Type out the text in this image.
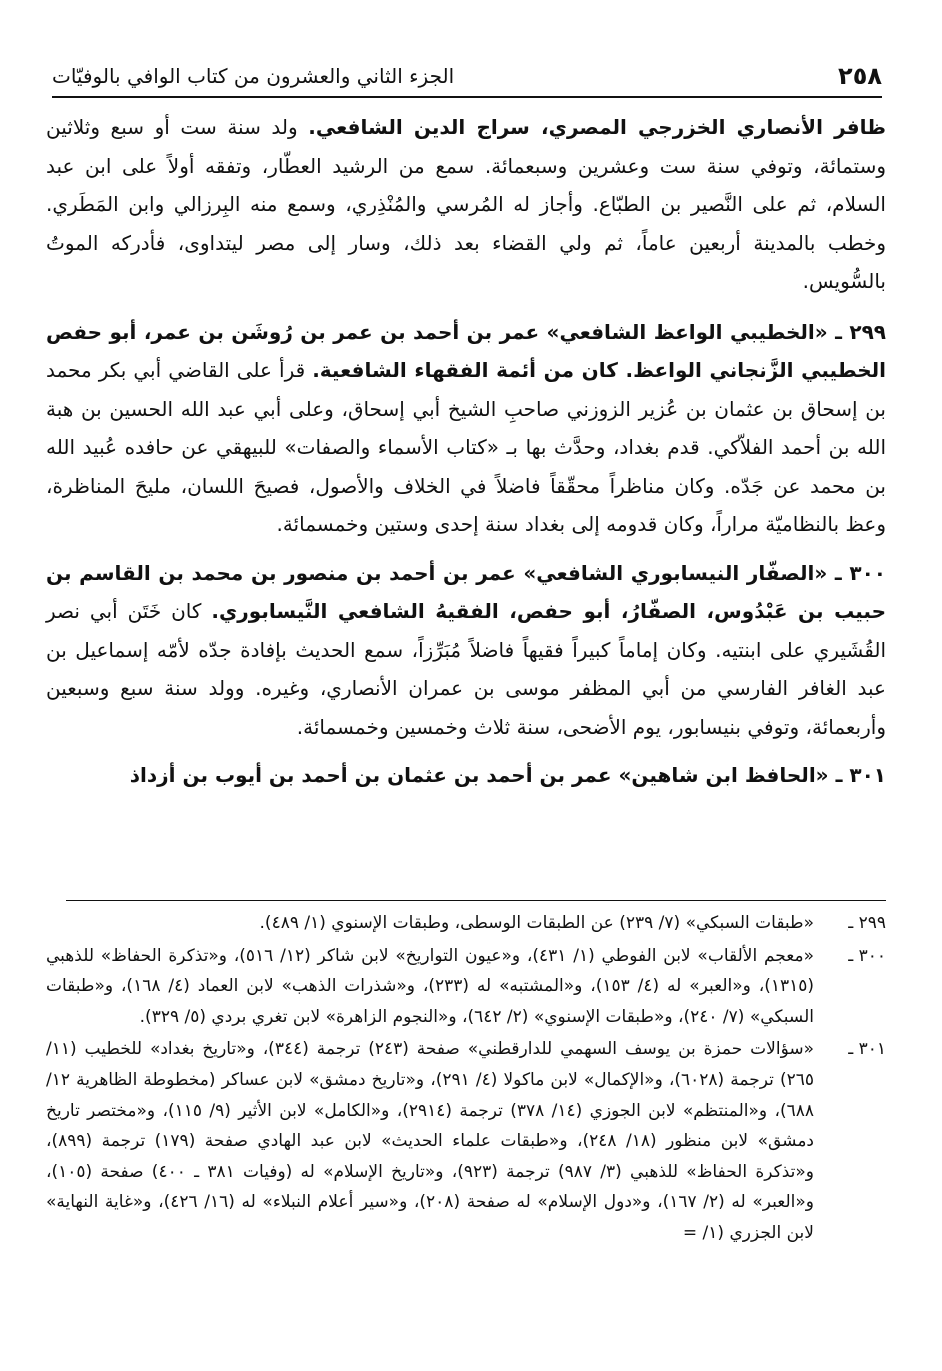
٢٥٨
الجزء الثاني والعشرون من كتاب الوافي بالوفيّات

ظافر الأنصاري الخزرجي المصري، سراج الدين الشافعي. ولد سنة ست أو سبع وثلاثين وستمائة، وتوفي سنة ست وعشرين وسبعمائة. سمع من الرشيد العطّار، وتفقه أولاً على ابن عبد السلام، ثم على النَّصير بن الطبّاع. وأجاز له المُرسي والمُنْذِري، وسمع منه البِرزالي وابن المَطَري. وخطب بالمدينة أربعين عاماً، ثم ولي القضاء بعد ذلك، وسار إلى مصر ليتداوى، فأدركه الموتُ بالسُّويس.

٢٩٩ ـ «الخطيبي الواعظ الشافعي» عمر بن أحمد بن عمر بن رُوشَن بن عمر، أبو حفص الخطيبي الزَّنجاني الواعظ. كان من أئمة الفقهاء الشافعية. قرأ على القاضي أبي بكر محمد بن إسحاق بن عثمان بن عُزير الزوزني صاحبِ الشيخ أبي إسحاق، وعلى أبي عبد الله الحسين بن هبة الله بن أحمد الفلاّكي. قدم بغداد، وحدَّث بها بـ «كتاب الأسماء والصفات» للبيهقي عن حافده عُبيد الله بن محمد عن جَدّه. وكان مناظراً محقّقاً فاضلاً في الخلاف والأصول، فصيحَ اللسان، مليحَ المناظرة، وعظ بالنظاميّة مراراً، وكان قدومه إلى بغداد سنة إحدى وستين وخمسمائة.

٣٠٠ ـ «الصفّار النيسابوري الشافعي» عمر بن أحمد بن منصور بن محمد بن القاسم بن حبيب بن عَبْدُوس، الصفّارُ، أبو حفص، الفقيهُ الشافعي النَّيسابوري. كان خَتَن أبي نصر القُشَيري على ابنتيه. وكان إماماً كبيراً فقيهاً فاضلاً مُبَرِّزاً، سمع الحديث بإفادة جدّه لأمّه إسماعيل بن عبد الغافر الفارسي من أبي المظفر موسى بن عمران الأنصاري، وغيره. وولد سنة سبع وسبعين وأربعمائة، وتوفي بنيسابور، يوم الأضحى، سنة ثلاث وخمسين وخمسمائة.

٣٠١ ـ «الحافظ ابن شاهين» عمر بن أحمد بن عثمان بن أحمد بن أيوب بن أزداذ

٢٩٩ ـ
«طبقات السبكي» (٧/ ٢٣٩) عن الطبقات الوسطى، وطبقات الإسنوي (١/ ٤٨٩).
٣٠٠ ـ
«معجم الألقاب» لابن الفوطي (١/ ٤٣١)، و«عيون التواريخ» لابن شاكر (١٢/ ٥١٦)، و«تذكرة الحفاظ» للذهبي (١٣١٥)، و«العبر» له (٤/ ١٥٣)، و«المشتبه» له (٢٣٣)، و«شذرات الذهب» لابن العماد (٤/ ١٦٨)، و«طبقات السبكي» (٧/ ٢٤٠)، و«طبقات الإسنوي» (٢/ ٦٤٢)، و«النجوم الزاهرة» لابن تغري بردي (٥/ ٣٢٩).
٣٠١ ـ
«سؤالات حمزة بن يوسف السهمي للدارقطني» صفحة (٢٤٣) ترجمة (٣٤٤)، و«تاريخ بغداد» للخطيب (١١/ ٢٦٥) ترجمة (٦٠٢٨)، و«الإكمال» لابن ماكولا (٤/ ٢٩١)، و«تاريخ دمشق» لابن عساكر (مخطوطة الظاهرية ١٢/ ٦٨٨)، و«المنتظم» لابن الجوزي (١٤/ ٣٧٨) ترجمة (٢٩١٤)، و«الكامل» لابن الأثير (٩/ ١١٥)، و«مختصر تاريخ دمشق» لابن منظور (١٨/ ٢٤٨)، و«طبقات علماء الحديث» لابن عبد الهادي صفحة (١٧٩) ترجمة (٨٩٩)، و«تذكرة الحفاظ» للذهبي (٣/ ٩٨٧) ترجمة (٩٢٣)، و«تاريخ الإسلام» له (وفيات ٣٨١ ـ ٤٠٠) صفحة (١٠٥)، و«العبر» له (٢/ ١٦٧)، و«دول الإسلام» له صفحة (٢٠٨)، و«سير أعلام النبلاء» له (١٦/ ٤٢٦)، و«غاية النهاية» لابن الجزري (١/ =
